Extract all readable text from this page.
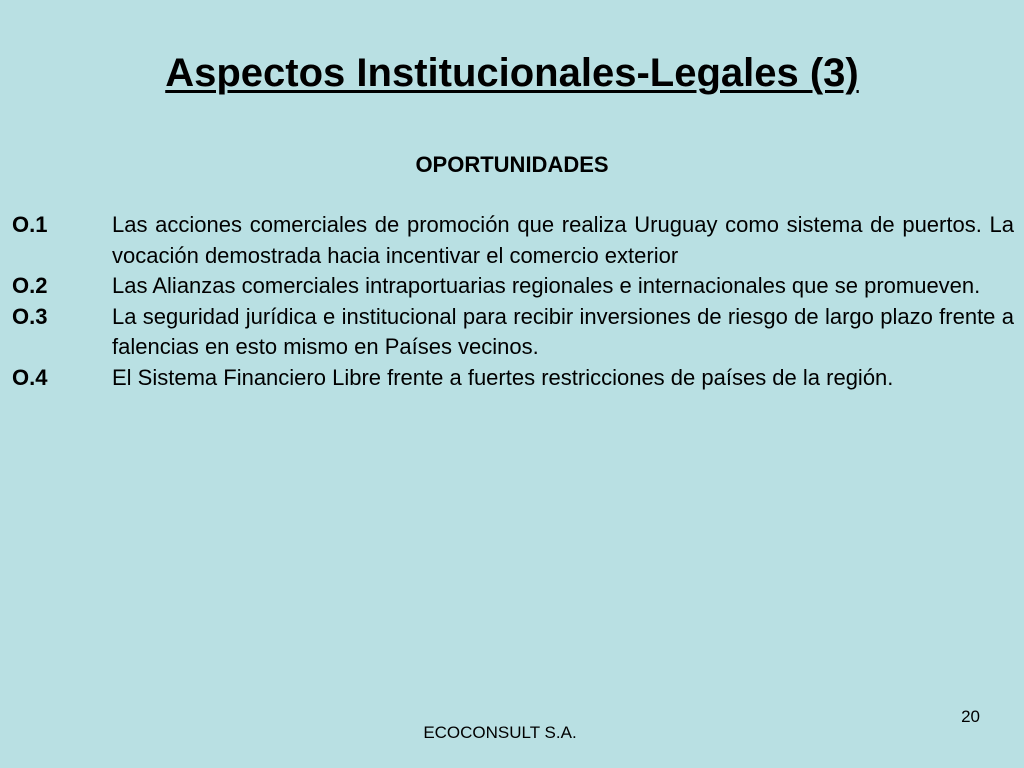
Aspectos Institucionales-Legales (3)
OPORTUNIDADES
O.1	Las acciones comerciales de promoción que realiza Uruguay como sistema de puertos. La vocación demostrada hacia incentivar el comercio exterior
O.2	Las Alianzas comerciales intraportuarias regionales e internacionales que se promueven.
O.3	La seguridad jurídica e institucional para recibir inversiones de riesgo de largo plazo frente a falencias en esto mismo en Países vecinos.
O.4	El Sistema Financiero Libre frente a fuertes restricciones de países de la región.
20
ECOCONSULT S.A.
